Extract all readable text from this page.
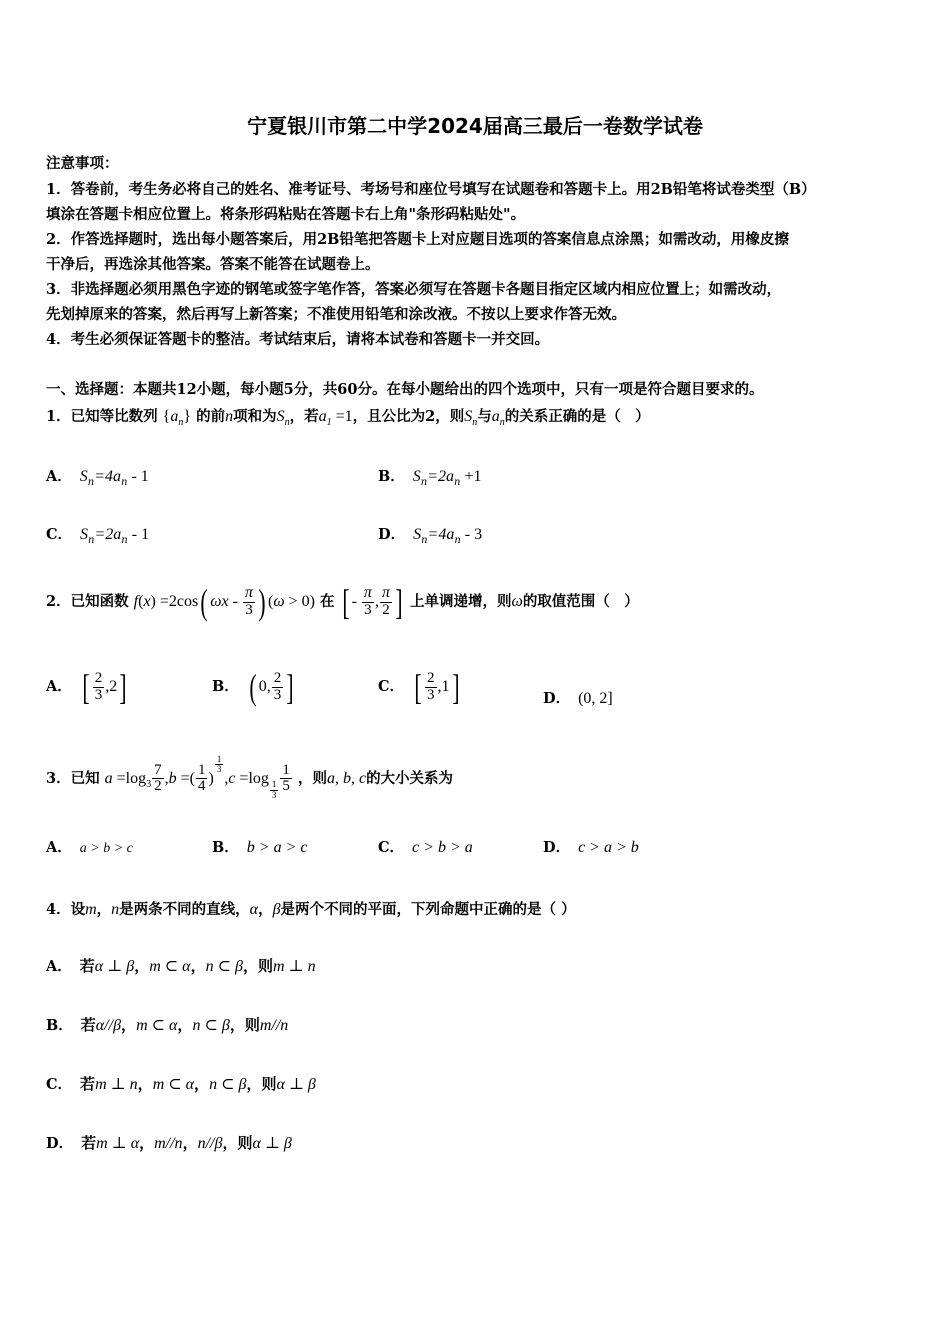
宁夏银川市第二中学2024届高三最后一卷数学试卷
注意事项：
1．答卷前，考生务必将自己的姓名、准考证号、考场号和座位号填写在试题卷和答题卡上。用2B铅笔将试卷类型（B）
填涂在答题卡相应位置上。将条形码粘贴在答题卡右上角"条形码粘贴处"。
2．作答选择题时，选出每小题答案后，用2B铅笔把答题卡上对应题目选项的答案信息点涂黑；如需改动，用橡皮擦
干净后，再选涂其他答案。答案不能答在试题卷上。
3．非选择题必须用黑色字迹的钢笔或签字笔作答，答案必须写在答题卡各题目指定区域内相应位置上；如需改动，
先划掉原来的答案，然后再写上新答案；不准使用铅笔和涂改液。不按以上要求作答无效。
4．考生必须保证答题卡的整洁。考试结束后，请将本试卷和答题卡一并交回。
一、选择题：本题共12小题，每小题5分，共60分。在每小题给出的四个选项中，只有一项是符合题目要求的。
1．已知等比数列 $\{a_n\}$ 的前n项和为$S_n$，若$a_1 =1$，且公比为2，则$S_n$与$a_n$的关系正确的是（　）
A． $S_n=4a_n - 1$	B． $S_n=2a_n +1$
C． $S_n=2a_n - 1$	D． $S_n=4a_n - 3$
2．已知函数 f(x) =2cos( ωx - $\frac{\pi}{3}$ ) (ω > 0) 在 [ - $\frac{\pi}{3}$ , $\frac{\pi}{2}$ ] 上单调递增，则ω的取值范围（　）
A． [ $\frac{2}{3} ,2$]	B． ( 0, $\frac{2}{3}$ ]	C． [ $\frac{2}{3} ,1$]	D． (0, 2]
3．已知 $a =\log_3 \frac{7}{2} ,b$ =( $\frac{1}{4}$ )
$^{\frac{1}{3}}$
,c =log
$_{\frac{1}{3}} \frac{1}{5}$ ，则a, b, c的大小关系为
A． a > b > c	B． b > a > c	C． c > b > a	D． c > a > b
4．设m，n是两条不同的直线，α，β是两个不同的平面，下列命题中正确的是（ ）
A． 若α ⊥ β，m ⊂ α，n ⊂ β，则m ⊥ n
B． 若α//β，m ⊂ α，n ⊂ β，则m//n
C． 若m ⊥ n，m ⊂ α，n ⊂ β，则α ⊥ β
D． 若m ⊥ α，m//n，n//β，则α ⊥ β
